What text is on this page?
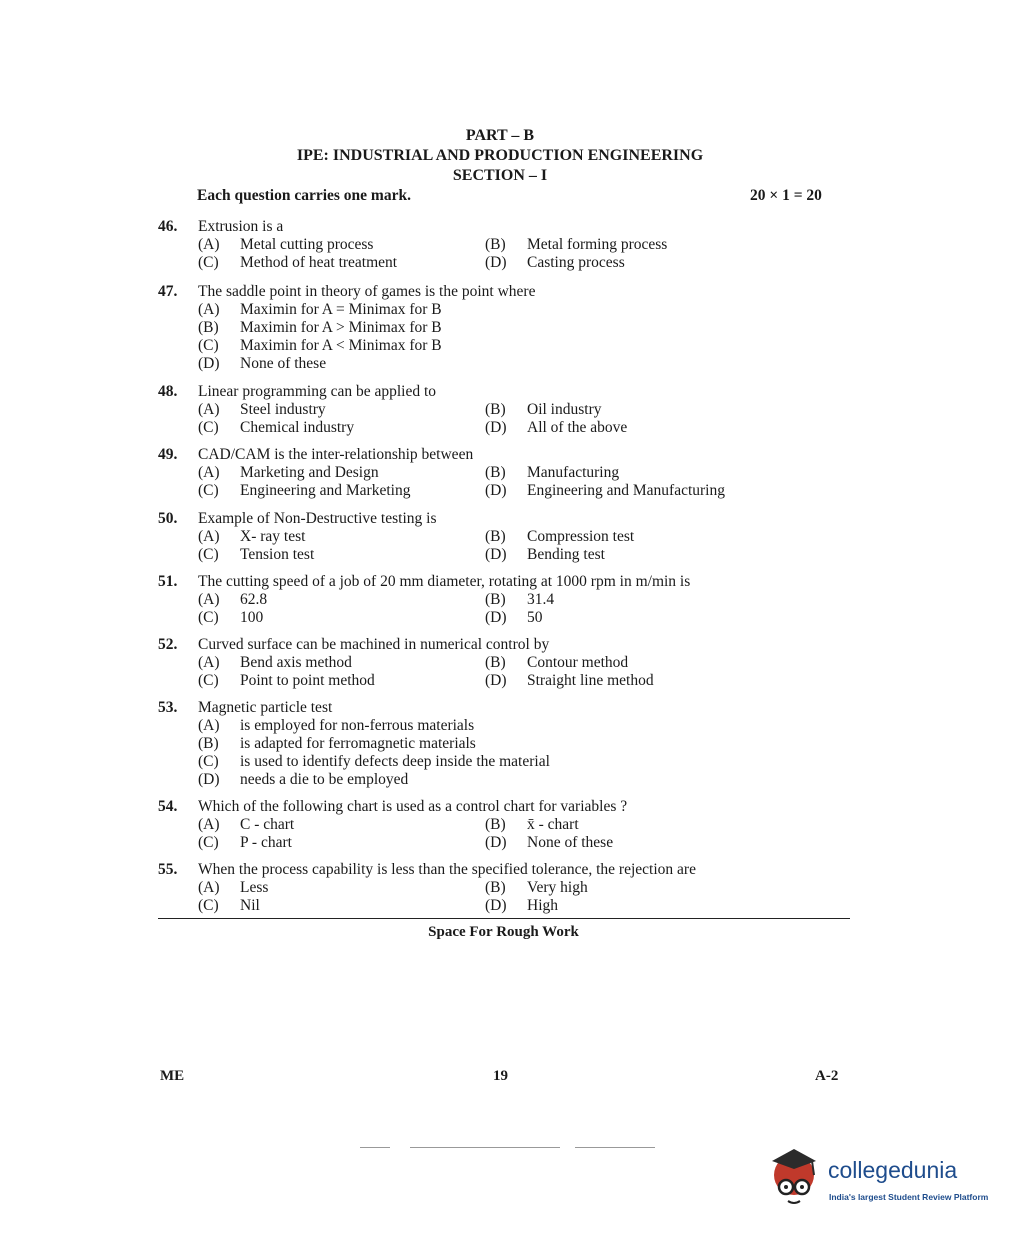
PART – B
IPE: INDUSTRIAL AND PRODUCTION ENGINEERING
SECTION – I
Each question carries one mark.	20 × 1 = 20
46. Extrusion is a
(A) Metal cutting process	(B) Metal forming process
(C) Method of heat treatment	(D) Casting process
47. The saddle point in theory of games is the point where
(A) Maximin for A = Minimax for B
(B) Maximin for A > Minimax for B
(C) Maximin for A < Minimax for B
(D) None of these
48. Linear programming can be applied to
(A) Steel industry	(B) Oil industry
(C) Chemical industry	(D) All of the above
49. CAD/CAM is the inter-relationship between
(A) Marketing and Design	(B) Manufacturing
(C) Engineering and Marketing	(D) Engineering and Manufacturing
50. Example of Non-Destructive testing is
(A) X- ray test	(B) Compression test
(C) Tension test	(D) Bending test
51. The cutting speed of a job of 20 mm diameter, rotating at 1000 rpm in m/min is
(A) 62.8	(B) 31.4
(C) 100	(D) 50
52. Curved surface can be machined in numerical control by
(A) Bend axis method	(B) Contour method
(C) Point to point method	(D) Straight line method
53. Magnetic particle test
(A) is employed for non-ferrous materials
(B) is adapted for ferromagnetic materials
(C) is used to identify defects deep inside the material
(D) needs a die to be employed
54. Which of the following chart is used as a control chart for variables ?
(A) C - chart	(B) x̄ - chart
(C) P - chart	(D) None of these
55. When the process capability is less than the specified tolerance, the rejection are
(A) Less	(B) Very high
(C) Nil	(D) High
Space For Rough Work
ME	19	A-2
collegedunia
India's largest Student Review Platform
